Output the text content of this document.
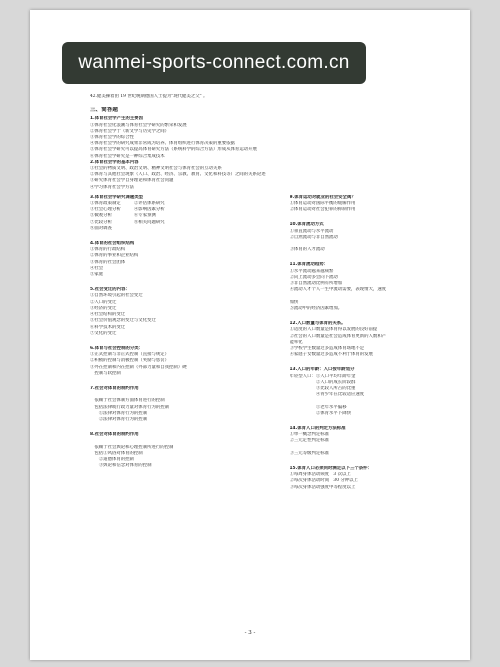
wanmei-sports-connect.com.cn
42.健美操着由 19 世纪晚期德国人士提为"现代健美之父" 。
三、简答题
1.体育社会学产生的主要因
①体育社会化浪潮与体育社会学研究的繁荣和发展
②体育社会学于（新文学与历史学之间）
③体育社会学的综合性
④体育社会学的研究成果非常成为培养、体育组织进行体育决策的重要依据
⑤体育社会学研究可以提高体育研究方法（系统科学的综合方法）形成从体育运动开展
⑥体育社会学研究是一种综合集成技术
2.体育社会学的基本内容
①社会的物质文明、政治文明、精神文明社会与体育社会的互动关系
②体育与其他社会现象（人口、政治、经济、宗教、教育、文化和科技等）之间的关系论述
③研究体育社会学自身理论和体育社会问题
④学习体育社会学方法
3.体育社会学研究课题类型
①体育政策制定　　　②评估体系研究
③社会心理分析　　　④影响因素分析
⑤微观分析　　　　　⑥专家预测
⑦比较分析　　　　　⑧相关问题研究
⑨面对调查
4.体育的社会组织结构
①体育的行政结构
②体育的事业和企业结构
③体育的社会团体
④社会
⑤家庭
5.社会变迁的内容：
①自然环境引起的社会变迁
②人口的变迁
③经济的变迁
④社会结构的变迁
⑤社会价值观念的变迁与文化变迁
⑥科学技术的变迁
⑦文化的变迁
6.体育与社会控制的分类：
①正式控制与非正式控制（直接与规定）
②积极的控制与消极控制（奖励与惩罚）
③外在控制和内在控制（外部力量和自我控制）硬
　控制与软控制
7.社会对体育的制约作用

　依赖于社会体制方面体育进行的控制
　包括法律或行政力量对体育行为的控制
　　①法律对体育行为的控制
　　②法律对体育行为的控制
8.社会对体育的制约作用

　依赖于社会舆论和心理控制所进行的控制
　包括①风俗对体育的控制
　　②道德体育的控制
　　③舆论和信念对体育的控制
9.体育运动对就业的社会安全阀？
①体育运动对国际平衡的缓解作用
②体育运动对社会犯罪的抑制作用
10.体育流动方式
①垂直流动与水平流动
②自然流动与非自然流动

③体育的人才流动
11.体育流动趋势：
①水平流动越来越频繁
②向上流动多会向下流动
③非自然流动比例有所增加
④流动人才个人一生中流动需要，表现惰大，速度

加快
⑤流动中的经济因素增加。
12.人口数量与体育的关系。
①适度的人口数量是体育得以发展的良好前提
②社会的人口数量是社会造成体育更新的人数和产
能率化
③学校学生数量过多造成体育场地不足
④家庭子女数量过多造成不利于体育的发展
13.人口的年龄：人口按年龄划分
年轻型人口：①人口平均年龄年金
　　　　　　②人口的成长阶段群
　　　　　　③比较人所占的比重
　　　　　　④青少年在比较适应速度

　　　　　　①老年水平偏移
　　　　　　②体育水平下降快
14.体育人口的判定方法标准
①单一概念判定标准
②三元定性判定标准

③三元等级判定标准
15.体育人口必须同时满足以下三个条件：
①每周身体活动频度　3 次以上
②每次身体活动时间　30 分钟以上
③每次身体活动强度中等程度以上
- 3 -
